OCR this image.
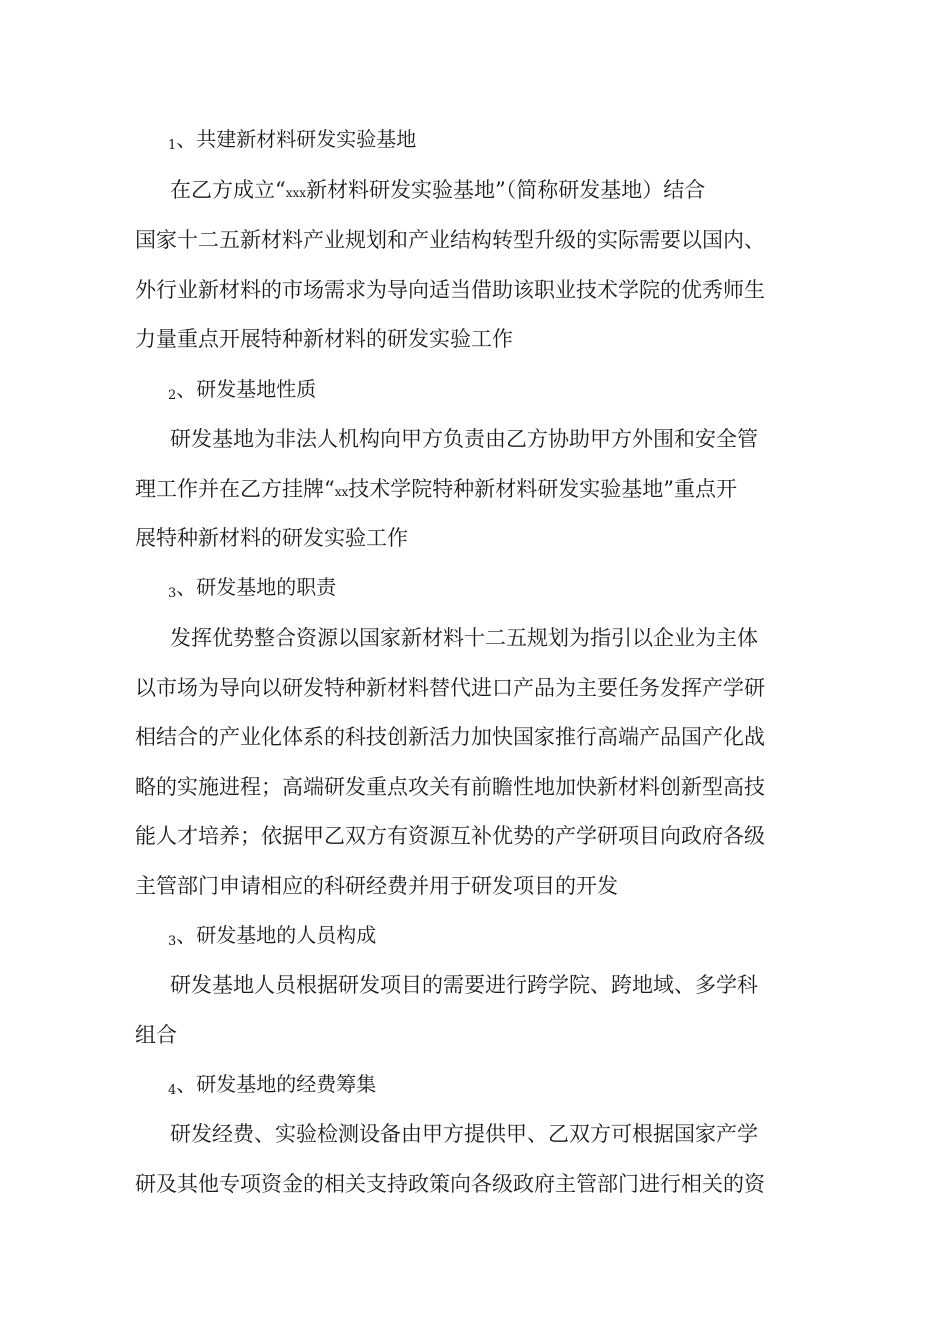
1、共建新材料研发实验基地
在乙方成立“xxx新材料研发实验基地”（简称研发基地）结合
国家十二五新材料产业规划和产业结构转型升级的实际需要以国内、
外行业新材料的市场需求为导向适当借助该职业技术学院的优秀师生
力量重点开展特种新材料的研发实验工作
2、研发基地性质
研发基地为非法人机构向甲方负责由乙方协助甲方外围和安全管
理工作并在乙方挂牌“xx技术学院特种新材料研发实验基地”重点开
展特种新材料的研发实验工作
3、研发基地的职责
发挥优势整合资源以国家新材料十二五规划为指引以企业为主体
以市场为导向以研发特种新材料替代进口产品为主要任务发挥产学研
相结合的产业化体系的科技创新活力加快国家推行高端产品国产化战
略的实施进程；高端研发重点攻关有前瞻性地加快新材料创新型高技
能人才培养；依据甲乙双方有资源互补优势的产学研项目向政府各级
主管部门申请相应的科研经费并用于研发项目的开发
3、研发基地的人员构成
研发基地人员根据研发项目的需要进行跨学院、跨地域、多学科
组合
4、研发基地的经费筹集
研发经费、实验检测设备由甲方提供甲、乙双方可根据国家产学
研及其他专项资金的相关支持政策向各级政府主管部门进行相关的资
